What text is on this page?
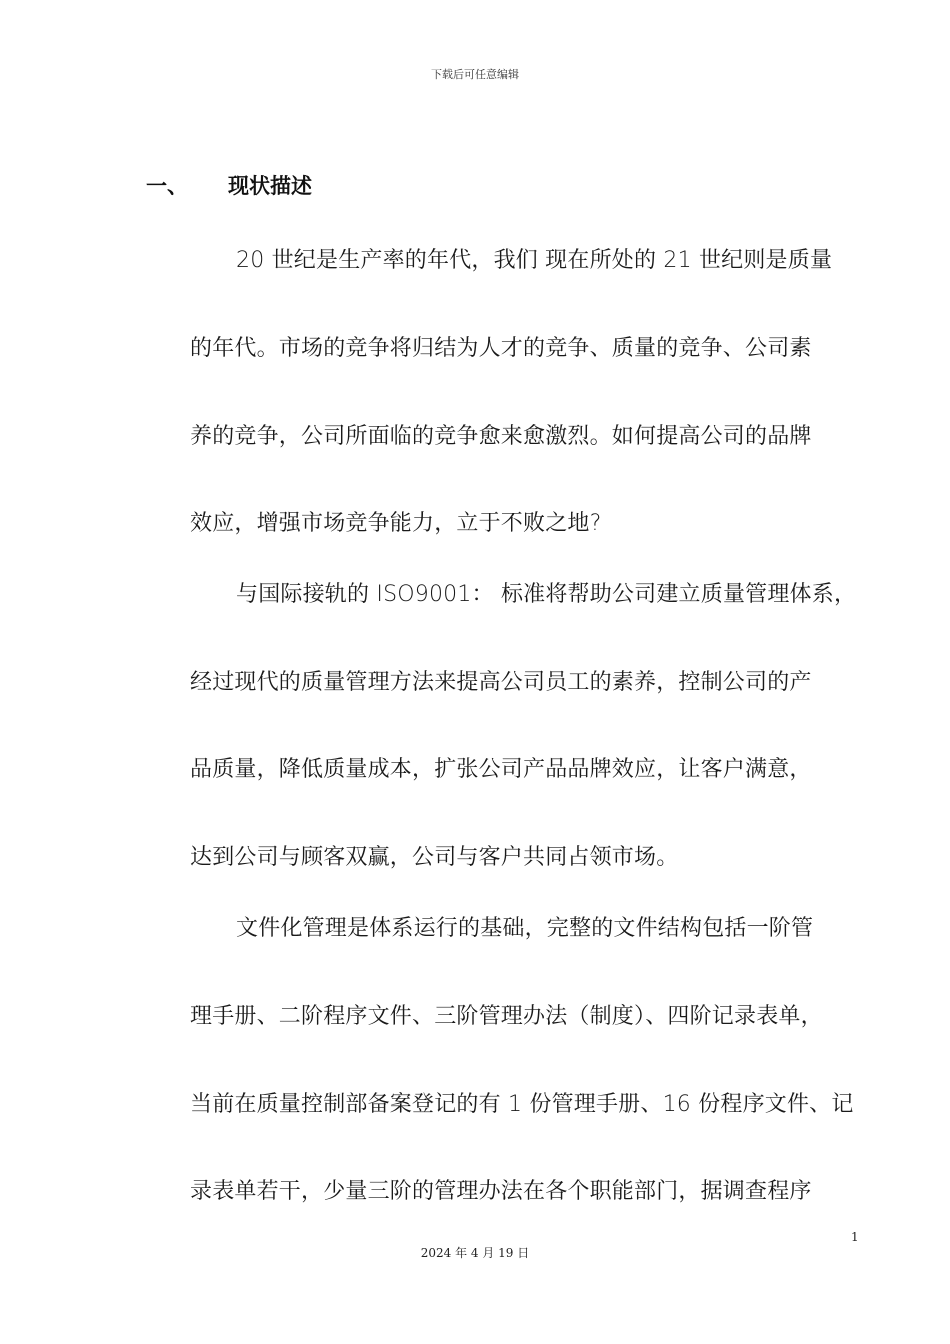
下载后可任意编辑
一、 现状描述
20 世纪是生产率的年代，我们 现在所处的 21 世纪则是质量
的年代。市场的竞争将归结为人才的竞争、质量的竞争、公司素
养的竞争，公司所面临的竞争愈来愈激烈。如何提高公司的品牌
效应，增强市场竞争能力，立于不败之地?
与国际接轨的 ISO9001： 标准将帮助公司建立质量管理体系，
经过现代的质量管理方法来提高公司员工的素养，控制公司的产
品质量，降低质量成本，扩张公司产品品牌效应，让客户满意，
达到公司与顾客双赢，公司与客户共同占领市场。
文件化管理是体系运行的基础，完整的文件结构包括一阶管
理手册、二阶程序文件、三阶管理办法（制度）、四阶记录表单，
当前在质量控制部备案登记的有 1 份管理手册、16 份程序文件、记
录表单若干，少量三阶的管理办法在各个职能部门，据调查程序
1
2024 年 4 月 19 日
